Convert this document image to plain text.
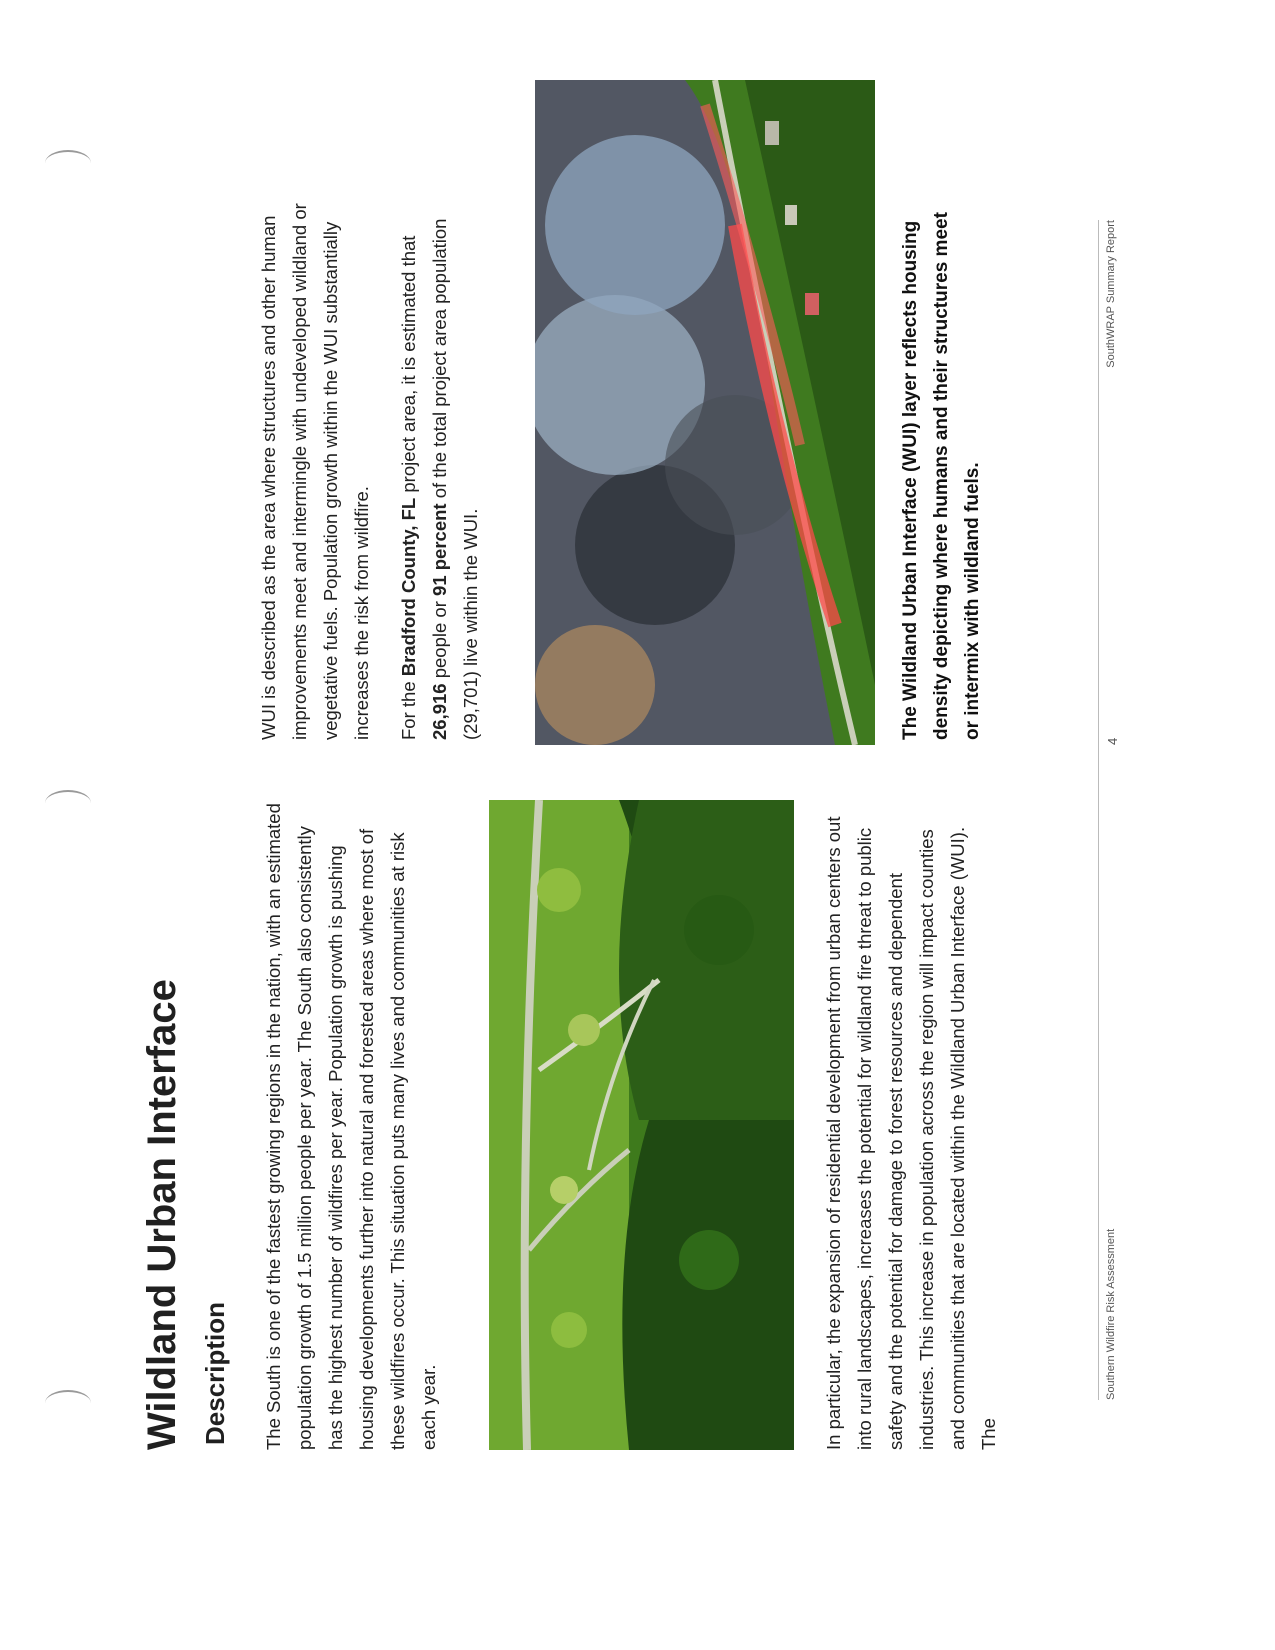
Wildland Urban Interface Description The South is one of the fastest growing regions in the nation, with an estimated population growth of 1.5 million people per year. The South also consistently has the highest number of wildfires per year. Population growth is pushing housing developments further into natural and forested areas where most of these wildfires occur. This situation puts many lives and communities at risk each year.	In particular, the expansion of residential development from urban centers out into rural landscapes, increases the potential for wildland fire threat to public safety and the potential for damage to forest resources and dependent industries. This increase in population across the region will impact counties and communities that are located within the Wildland Urban Interface (WUI). The

WUI is described as the area where structures and other human improvements meet and intermingle with undeveloped wildland or vegetative fuels. Population growth within the WUI substantially increases the risk from wildfire. For the Bradford County, FL project area, it is estimated that 26,916 people or 91 percent of the total project area population (29,701) live within the WUI.	The Wildland Urban Interface (WUI) layer reflects housing density depicting where humans and their structures meet or intermix with wildland fuels.

Southern Wildfire Risk Assessment
4
SouthWRAP Summary Report
